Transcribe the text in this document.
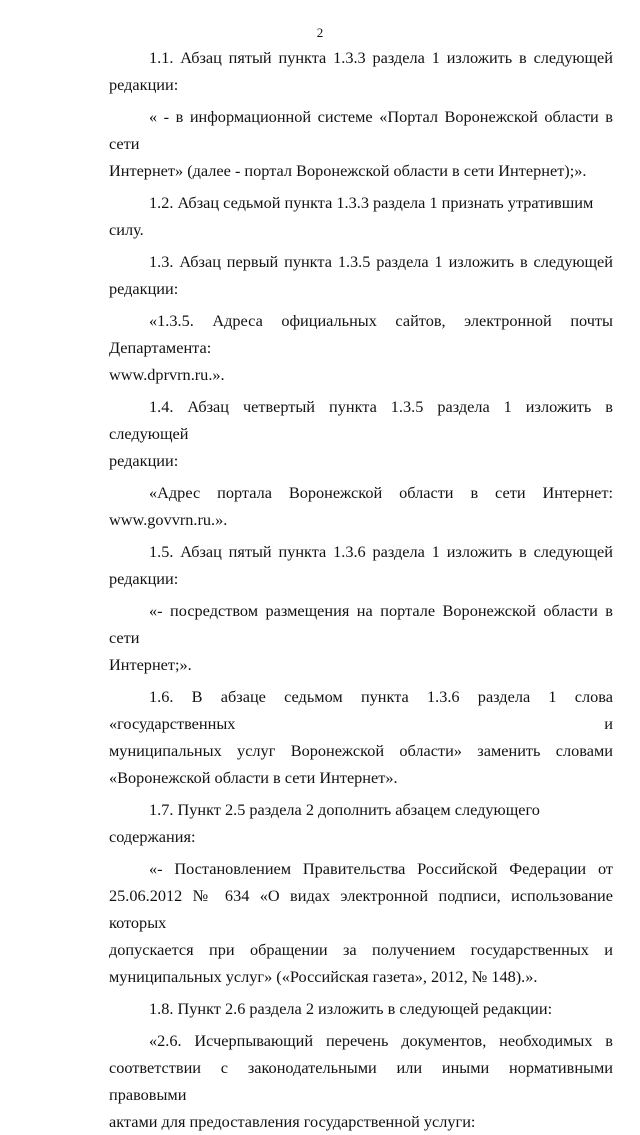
2

1.1. Абзац пятый пункта 1.3.3 раздела 1 изложить в следующей

редакции:

« - в информационной системе «Портал Воронежской области в сети

Интернет» (далее - портал Воронежской области в сети Интернет);».

1.2. Абзац седьмой пункта 1.3.3 раздела 1 признать утратившим силу.

1.3. Абзац первый пункта 1.3.5 раздела 1 изложить в следующей

редакции:

«1.3.5. Адреса официальных сайтов, электронной почты Департамента:

www.dprvrn.ru.».

1.4. Абзац четвертый пункта 1.3.5 раздела 1 изложить в следующей

редакции:

«Адрес портала Воронежской области в сети Интернет:

www.govvrn.ru.».

1.5. Абзац пятый пункта 1.3.6 раздела 1 изложить в следующей

редакции:

«- посредством размещения на портале Воронежской области в сети

Интернет;».

1.6. В абзаце седьмом пункта 1.3.6 раздела 1 слова «государственных и

муниципальных услуг Воронежской области» заменить словами

«Воронежской области в сети Интернет».

1.7. Пункт 2.5 раздела 2 дополнить абзацем следующего содержания:

«- Постановлением Правительства Российской Федерации от

25.06.2012 № 634 «О видах электронной подписи, использование которых

допускается при обращении за получением государственных и

муниципальных услуг» («Российская газета», 2012, № 148).».

1.8. Пункт 2.6 раздела 2 изложить в следующей редакции:

«2.6. Исчерпывающий перечень документов, необходимых в

соответствии с законодательными или иными нормативными правовыми

актами для предоставления государственной услуги:
